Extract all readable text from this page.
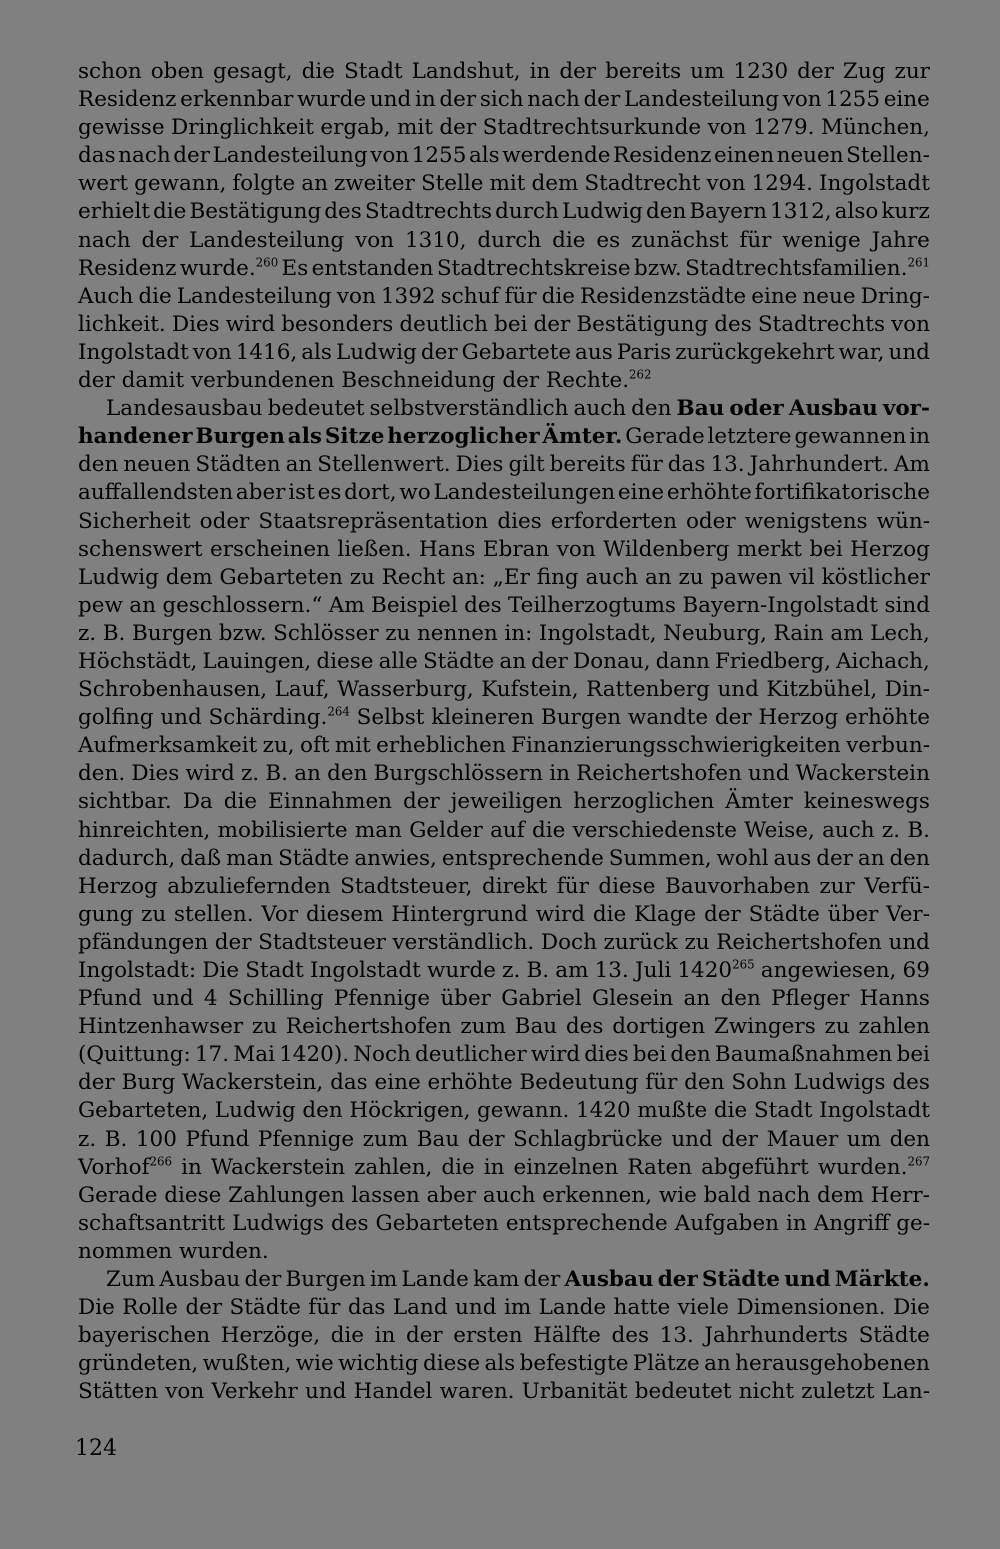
schon oben gesagt, die Stadt Landshut, in der bereits um 1230 der Zug zur
Residenz erkennbar wurde und in der sich nach der Landesteilung von 1255 eine
gewisse Dringlichkeit ergab, mit der Stadtrechtsurkunde von 1279. München,
das nach der Landesteilung von 1255 als werdende Residenz einen neuen Stellen-
wert gewann, folgte an zweiter Stelle mit dem Stadtrecht von 1294. Ingolstadt
erhielt die Bestätigung des Stadtrechts durch Ludwig den Bayern 1312, also kurz
nach der Landesteilung von 1310, durch die es zunächst für wenige Jahre
Residenz wurde.$^{260}$ Es entstanden Stadtrechtskreise bzw. Stadtrechtsfamilien.$^{261}$
Auch die Landesteilung von 1392 schuf für die Residenzstädte eine neue Dring-
lichkeit. Dies wird besonders deutlich bei der Bestätigung des Stadtrechts von
Ingolstadt von 1416, als Ludwig der Gebartete aus Paris zurückgekehrt war, und
der damit verbundenen Beschneidung der Rechte.$^{262}$
Landesausbau bedeutet selbstverständlich auch den Bau oder Ausbau vor-
handener Burgen als Sitze herzoglicher Ämter. Gerade letztere gewannen in
den neuen Städten an Stellenwert. Dies gilt bereits für das 13. Jahrhundert. Am
auffallendsten aber ist es dort, wo Landesteilungen eine erhöhte fortifikatorische
Sicherheit oder Staatsrepräsentation dies erforderten oder wenigstens wün-
schenswert erscheinen ließen. Hans Ebran von Wildenberg merkt bei Herzog
Ludwig dem Gebarteten zu Recht an: „Er fing auch an zu pawen vil köstlicher
pew an geschlossern.“ Am Beispiel des Teilherzogtums Bayern-Ingolstadt sind
z. B. Burgen bzw. Schlösser zu nennen in: Ingolstadt, Neuburg, Rain am Lech,
Höchstädt, Lauingen, diese alle Städte an der Donau, dann Friedberg, Aichach,
Schrobenhausen, Lauf, Wasserburg, Kufstein, Rattenberg und Kitzbühel, Din-
golfing und Schärding.$^{264}$ Selbst kleineren Burgen wandte der Herzog erhöhte
Aufmerksamkeit zu, oft mit erheblichen Finanzierungsschwierigkeiten verbun-
den. Dies wird z. B. an den Burgschlössern in Reichertshofen und Wackerstein
sichtbar. Da die Einnahmen der jeweiligen herzoglichen Ämter keineswegs
hinreichten, mobilisierte man Gelder auf die verschiedenste Weise, auch z. B.
dadurch, daß man Städte anwies, entsprechende Summen, wohl aus der an den
Herzog abzuliefernden Stadtsteuer, direkt für diese Bauvorhaben zur Verfü-
gung zu stellen. Vor diesem Hintergrund wird die Klage der Städte über Ver-
pfändungen der Stadtsteuer verständlich. Doch zurück zu Reichertshofen und
Ingolstadt: Die Stadt Ingolstadt wurde z. B. am 13. Juli 1420$^{265}$ angewiesen, 69
Pfund und 4 Schilling Pfennige über Gabriel Glesein an den Pfleger Hanns
Hintzenhawser zu Reichertshofen zum Bau des dortigen Zwingers zu zahlen
(Quittung: 17. Mai 1420). Noch deutlicher wird dies bei den Baumaßnahmen bei
der Burg Wackerstein, das eine erhöhte Bedeutung für den Sohn Ludwigs des
Gebarteten, Ludwig den Höckrigen, gewann. 1420 mußte die Stadt Ingolstadt
z. B. 100 Pfund Pfennige zum Bau der Schlagbrücke und der Mauer um den
Vorhof$^{266}$ in Wackerstein zahlen, die in einzelnen Raten abgeführt wurden.$^{267}$
Gerade diese Zahlungen lassen aber auch erkennen, wie bald nach dem Herr-
schaftsantritt Ludwigs des Gebarteten entsprechende Aufgaben in Angriff ge-
nommen wurden.
Zum Ausbau der Burgen im Lande kam der Ausbau der Städte und Märkte.
Die Rolle der Städte für das Land und im Lande hatte viele Dimensionen. Die
bayerischen Herzöge, die in der ersten Hälfte des 13. Jahrhunderts Städte
gründeten, wußten, wie wichtig diese als befestigte Plätze an herausgehobenen
Stätten von Verkehr und Handel waren. Urbanität bedeutet nicht zuletzt Lan-
124
